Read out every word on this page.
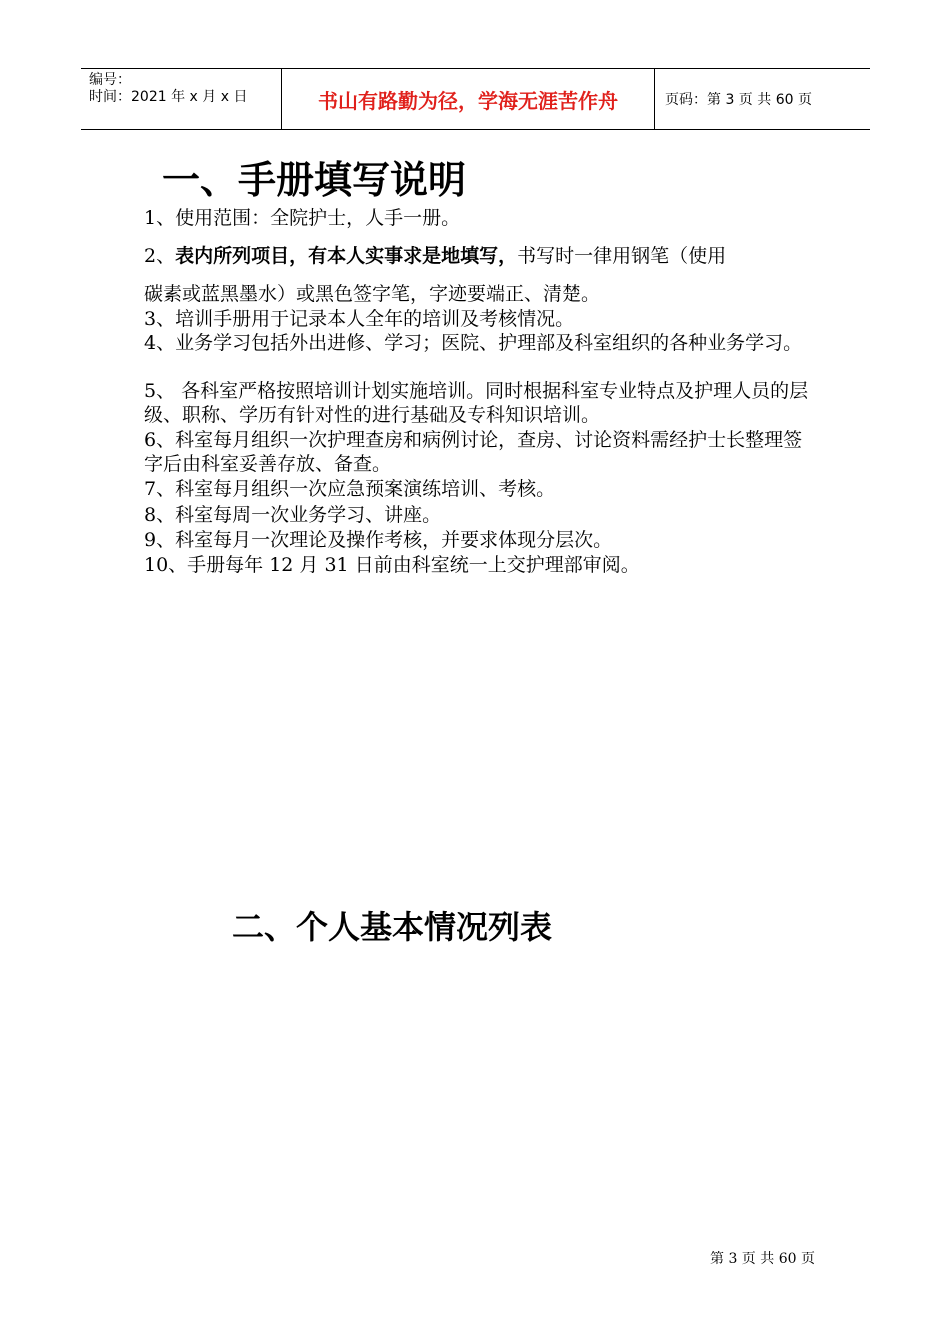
编号：
时间：2021 年 x 月 x 日	书山有路勤为径，学海无涯苦作舟	页码：第 3 页 共 60 页
一、手册填写说明
1、使用范围：全院护士，人手一册。
2、表内所列项目，有本人实事求是地填写，书写时一律用钢笔（使用
碳素或蓝黑墨水）或黑色签字笔，字迹要端正、清楚。
3、培训手册用于记录本人全年的培训及考核情况。
4、业务学习包括外出进修、学习；医院、护理部及科室组织的各种业务学习。
5、 各科室严格按照培训计划实施培训。同时根据科室专业特点及护理人员的层级、职称、学历有针对性的进行基础及专科知识培训。
6、科室每月组织一次护理查房和病例讨论，查房、讨论资料需经护士长整理签字后由科室妥善存放、备查。
7、科室每月组织一次应急预案演练培训、考核。
8、科室每周一次业务学习、讲座。
9、科室每月一次理论及操作考核，并要求体现分层次。
10、手册每年 12 月 31 日前由科室统一上交护理部审阅。
二、个人基本情况列表
第 3 页 共 60 页
